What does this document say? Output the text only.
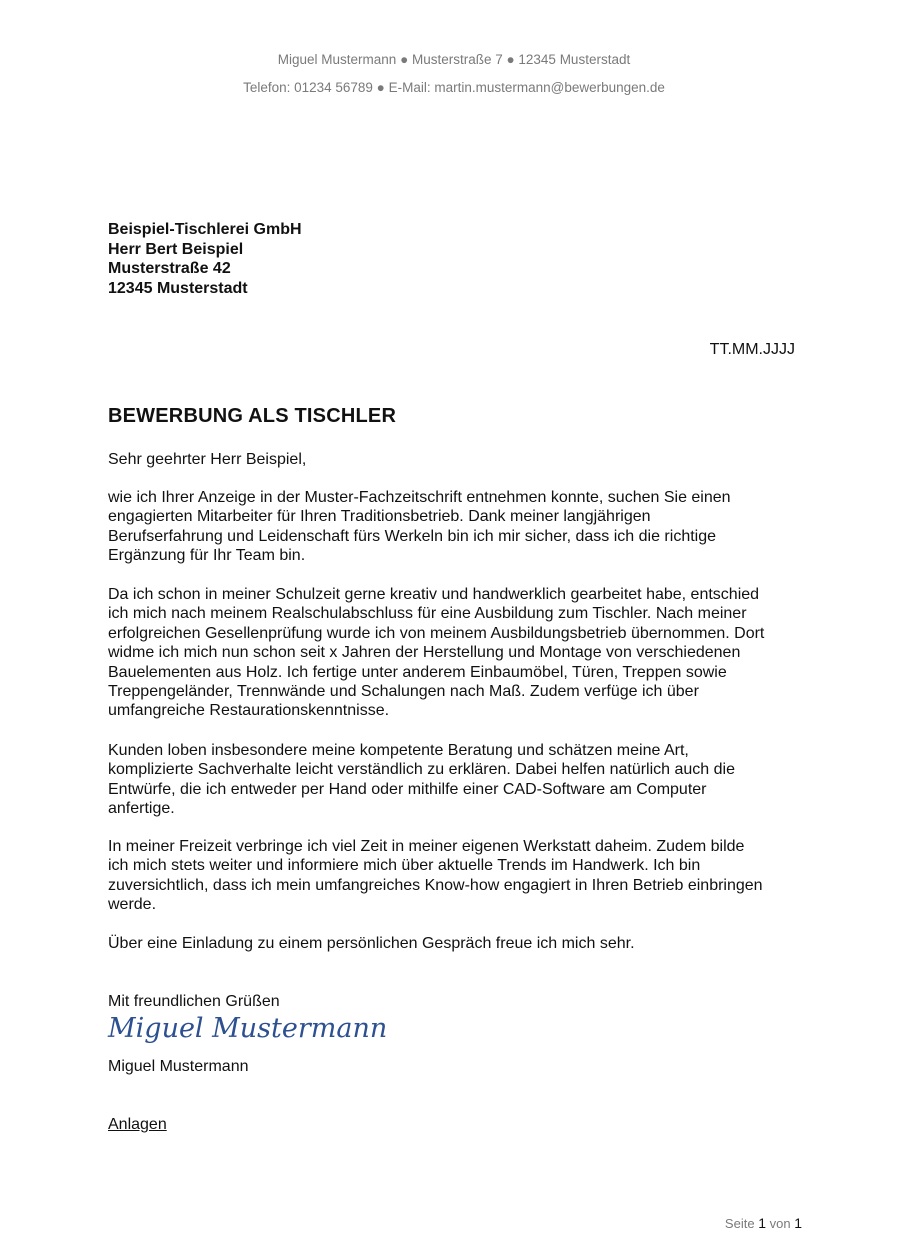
Miguel Mustermann ● Musterstraße 7 ● 12345 Musterstadt
Telefon: 01234 56789 ● E-Mail: martin.mustermann@bewerbungen.de
Beispiel-Tischlerei GmbH
Herr Bert Beispiel
Musterstraße 42
12345 Musterstadt
TT.MM.JJJJ
BEWERBUNG ALS TISCHLER
Sehr geehrter Herr Beispiel,
wie ich Ihrer Anzeige in der Muster-Fachzeitschrift entnehmen konnte, suchen Sie einen
engagierten Mitarbeiter für Ihren Traditionsbetrieb. Dank meiner langjährigen
Berufserfahrung und Leidenschaft fürs Werkeln bin ich mir sicher, dass ich die richtige
Ergänzung für Ihr Team bin.
Da ich schon in meiner Schulzeit gerne kreativ und handwerklich gearbeitet habe, entschied
ich mich nach meinem Realschulabschluss für eine Ausbildung zum Tischler. Nach meiner
erfolgreichen Gesellenprüfung wurde ich von meinem Ausbildungsbetrieb übernommen. Dort
widme ich mich nun schon seit x Jahren der Herstellung und Montage von verschiedenen
Bauelementen aus Holz. Ich fertige unter anderem Einbaumöbel, Türen, Treppen sowie
Treppengeländer, Trennwände und Schalungen nach Maß. Zudem verfüge ich über
umfangreiche Restaurationskenntnisse.
Kunden loben insbesondere meine kompetente Beratung und schätzen meine Art,
komplizierte Sachverhalte leicht verständlich zu erklären. Dabei helfen natürlich auch die
Entwürfe, die ich entweder per Hand oder mithilfe einer CAD-Software am Computer
anfertige.
In meiner Freizeit verbringe ich viel Zeit in meiner eigenen Werkstatt daheim. Zudem bilde
ich mich stets weiter und informiere mich über aktuelle Trends im Handwerk. Ich bin
zuversichtlich, dass ich mein umfangreiches Know-how engagiert in Ihren Betrieb einbringen
werde.
Über eine Einladung zu einem persönlichen Gespräch freue ich mich sehr.
Mit freundlichen Grüßen
Miguel Mustermann
Miguel Mustermann
Anlagen
Seite 1 von 1
